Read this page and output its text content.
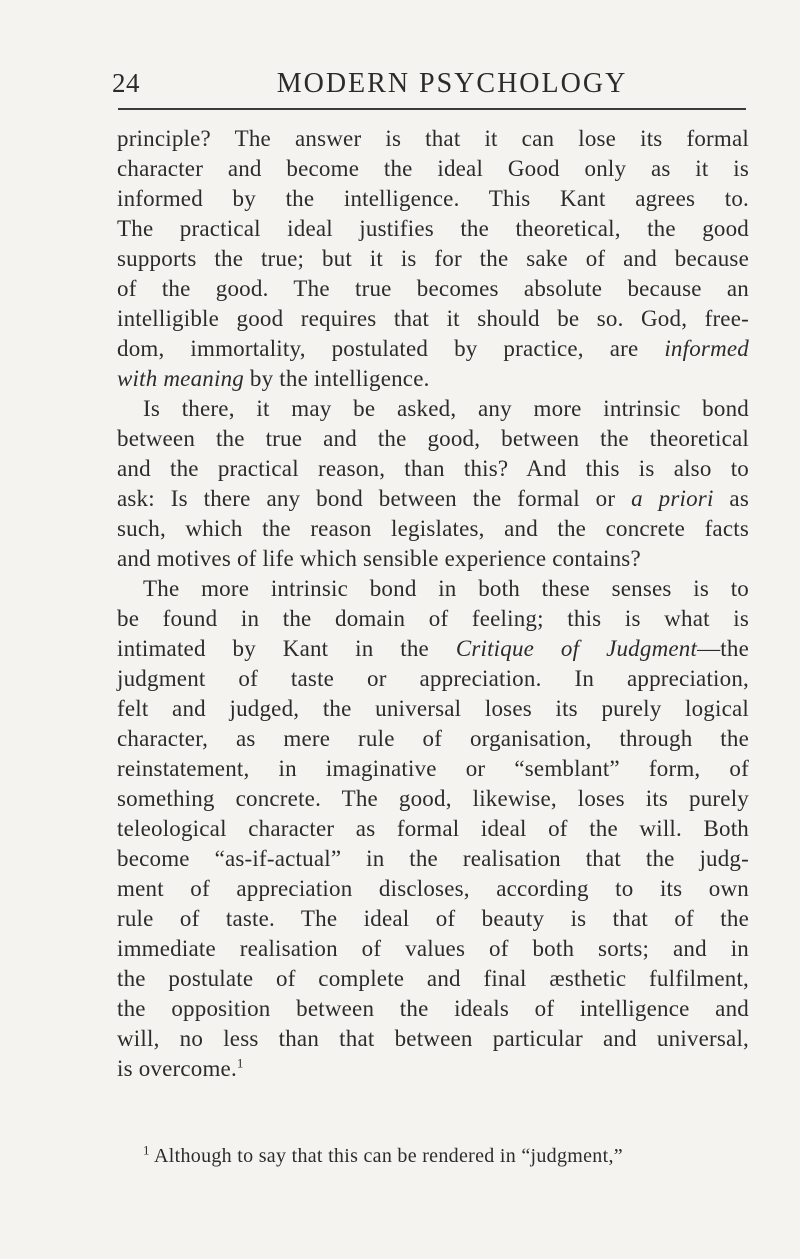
24	MODERN PSYCHOLOGY
principle? The answer is that it can lose its formal
character and become the ideal Good only as it is
informed by the intelligence. This Kant agrees to.
The practical ideal justifies the theoretical, the good
supports the true; but it is for the sake of and because
of the good. The true becomes absolute because an
intelligible good requires that it should be so. God, free-
dom, immortality, postulated by practice, are informed
with meaning by the intelligence.
Is there, it may be asked, any more intrinsic bond
between the true and the good, between the theoretical
and the practical reason, than this? And this is also to
ask: Is there any bond between the formal or a priori as
such, which the reason legislates, and the concrete facts
and motives of life which sensible experience contains?
The more intrinsic bond in both these senses is to
be found in the domain of feeling; this is what is
intimated by Kant in the Critique of Judgment—the
judgment of taste or appreciation. In appreciation,
felt and judged, the universal loses its purely logical
character, as mere rule of organisation, through the
reinstatement, in imaginative or “semblant” form, of
something concrete. The good, likewise, loses its purely
teleological character as formal ideal of the will. Both
become “as-if-actual” in the realisation that the judg-
ment of appreciation discloses, according to its own
rule of taste. The ideal of beauty is that of the
immediate realisation of values of both sorts; and in
the postulate of complete and final æsthetic fulfilment,
the opposition between the ideals of intelligence and
will, no less than that between particular and universal,
is overcome.$^1$
$^1$ Although to say that this can be rendered in “judgment,”
